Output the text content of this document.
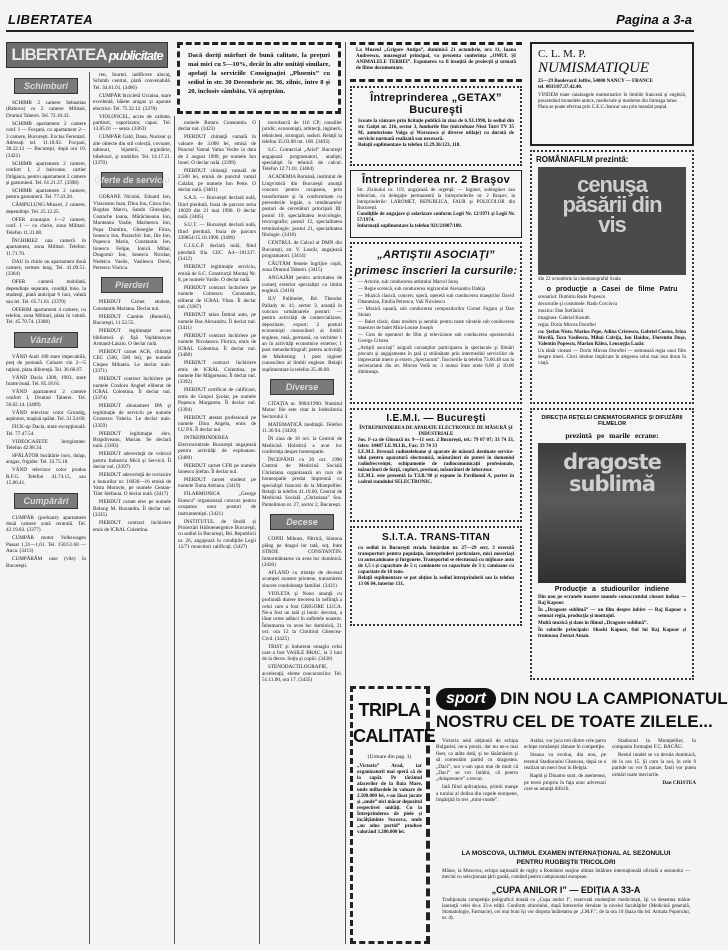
LIBERTATEA	Pagina a 3-a
LIBERTATEA publicitate
Schimburi

SCHIMB 2 camere Sebastian (Rahova) cu 2 camere Militari, Drumul Taberei. Tel. 72.10.43.

SCHIMB apartament 2 camere conf. I — Focşani, cu apartament 2—3 camere, Bucureşti. Exclus Ferentari. Adresaţi tel. 11.18.92. Focşani, 38.22.12 — Bucureşti, după ora 19. (3422)

SCHIMB apartament 2 camere, confort I, 2 balcoane, cartier Drăgaica, pentru apartament 2 camere şi garsonieră. Tel. 61.21.37. (3398)

SCHIMB apartament 2 camere, pentru garsonieră. Tel. 77.43.20.

CÂMPULUNG-Muscel, 2 camere, dependinţe. Tel. 25.12.25.

OFER avantajos 1—2 camere, conf. I — cu chirie, zona Militari. Telefon 11.31.08.

ÎNCHIRIEZ una cameră în apartament, zona Militari. Telefon: 11.71.70.

DAU în chirie un apartament două camere, termen lung. Tel. 41.09.51. (3364)

OFER cameră mobilată, dependinţe separate, condiţii bine, la studenţi, plată anticipat 6 luni, valută sau lei. Tel. 65.71.81. (3370)

OFERIM apartament 4 camere, cu telefon, zona Militari, plata în valută. Tel. 45.70.74. (3368)

Vânzări

VÂND Audi 100 stare impecabilă, preţ de pomană. Culoare vin 2—5 raţiuni, plata diferenţă. Tel. 36.66.07.

VÂND Dacia 1300, 1983, stare foarte bună. Tel. 85.18.61.

VÂND apartament 2 camere confort I, Drumul Taberei. Tel. 50.82.14. (3409)

VÂND televizor color Grundig, aspirator, maşină spălat. Tel. 31.54.60.

FICK-up Dacia, stare excepţională. Tel. 77.47.54.

VIDEOCASETE înregistrate. Telefon 42.88.34.

SPĂLĂTOR bucătărie inox, dulap, aragaz, frigider. Tel. 33.75.18.

VÂND televizor color produs R.F.G. Telefon 41.74.15, sau 15.80.41.

Cumpărări

CUMPĂR (preluare) apartament două camere zonă centrală. Tel. 42.19.83. (3377)

CUMPĂR motor Volkswagen Passat 1,31—1,61. Tel. 150/51.60 — Anca. (3413)

CUMPĂRĂM case (vile) în Bucureşti.

ren, Inurtel, iadificere alocuţ, Schimb central, plată convenabilă. Tel. 34.61.01. (3466)

CUMPĂR bicicletă Ucraina, stare excelentă, băiete aragaz şi aparate electrice. Tel. 75.32.12. (3378)

VIOLONCEL, acces de calitate, partituri, vaporizator, capac. Tel. 13.85.01 — seara. (3363)

CUMPĂR Gald, Dana, Nuclear şi alte obiecte din stil colecţii, covoare, tablouri, bijuterii, argintărie, bibelouri, şi mobilier. Tel. 14.17.21. (3370)

Oferte de serviciu

GORANE Nicolai, Eduard Ion, Vlasceanu Ioan, Dinu Ion, Ciucu Ion, Bogdan Marcu, Sandu Gheorghe, Costache Ioana, Mărăcineanu Ion, Munteanu Vasile, Marinescu Ion, Popa Dumitru, Gheorghe Flora, Ionescu Ion, Paraschiv Ion, Ilie Ion, Popescu Marin, Constantin Ion, Ionescu Felipe, Ionică Mihai, Dragomir Ion, Ionescu Nicolae, Nedelcu Vasile, Vasilescu Dorel, Petrescu Viorica.

Pierderi

PIERDUT Carnet student, Constantin Mariana. Declar nul.

PIERDUT Cambie (Remeili), Bucureşti, 11.52.55.

PIERDUT legitimaţie acces bibliotecă şi fişă Vajdahunyas Armand-Lászlo. O declar nulă.

PIERDUT carnet ACR, chitanţă CEC (500, 500 lei), pe numele Clopea Mihaela. Le declar nule. (3371)

PIERDUT contract închiriere pe numele Crudoru Anghel eliberat de ICRAL Colentina. Îl declar nul. (3374)

PIERDUT abonament IPA şi legitimaţie de serviciu pe numele Grozescu Valeria. Le declar nule. (3359)

PIERDUT legitimaţie elev, Brapdiveanu, Marian. Se declară nulă. (3393)

PIERDUT adeverinţă de vehicul pentru Industria Mică şi Servicii. Îl declar nul. (3397)

PIERDUT adeverinţă de rovizuire a bonurilor nr. 16830—16 emisă de Vatra Moravie, pe numele Cenian-Tiler Stefania. O declar nulă. (3417)

PIERDUT carnet elev pe numele Bolong M. Ruxandra. Îl declar nul. (3335)

PIERDUT contract închiriere emis de ICRAL Colentina.

Dacă doriţi mărfuri de bună calitate, la preţuri mai mici cu 5—10%, decât în alte unităţi similare, apelaţi la serviciile Consignaţiei „Phoenix” cu sediul în str. 30 Decembrie nr. 36, zilnic, între 8 şi 20, inclusiv sâmbăta. Vă aşteptăm.

numele Rotaru Constantin. O declar nul. (3423)

PIERDUT chitanţă vamală în valoare de 3.000 lei, emisă de Punctul Vamal Vama Veche la data de 2 august 1990, pe numele Ion Ionel. O declar nulă. (3399)

PIERDUT chitanţă vamală de 2.500 lei, emisă de punctul vamal Calafat, pe numele Ion Petre. O declar nulă. (3401)

S.A.S. — Bucureşti declară nulă, fiind pierdută, foaia de parcurs seria 16039 din 21 mai 1990. O declar nulă. (3405)

S.U.T. — Bucureşti declară nulă, fiind pierdută, foaia de parcurs 339854/15.10.1990. (3406)

C.I.S.C.P. declară nulă, fiind pierdută fila CEC A4—181337. (3412)

PIERDUT legitimaţie serviciu, emisă de S.C. Construcţii Montaj Nr. 8, pe numele Vasile. O declar nulă.

PIERDUT contract închiriere pe numele Cobrescu Constantin, eliberat de ICRAL Vitan. Îl declar nul. (3387)

PIERDUT talon Îmtinâ auto, pe numele Bas Alexandru. Îl declar nul. (3411)

PIERDUT contract închiriere pe numele Nicolaescu Florica, emis de ICRAL Colentina. Îl declar nul. (3408)

PIERDUT contract închiriere emis de ICRAL Colentina, pe numele Ilie Măgureanu. Îl declar nul. (3392)

PIERDUT certificat de calificare, emis de Grupul Şcolar, pe numele Popescu Margareta. Îl declar nul. (3394)

PIERDUT atestat profesional pe numele Dinu Angela, emis de I.U.P.S. Îl declar nul.

INTREPRINDEREA Electrocentrale Bucureşti angajează pentru activităţi de exploatare. (3400)

PIERDUT carnet CFR pe numele Ionescu Ştefan. Îl declar nul.

PIERDUT carnet student pe numele Toma Adriana. (3419)

FILARMONICA „George Enescu” organizează concurs pentru ocuparea unor posturi de instrumentişti. (3421)

INSTITUTUL de Studii şi Proiectări Hidroenergetice Bucureşti, cu sediul în Bucureşti, Bd. Republicii nr. 26, angajează în condiţiile Legii 12/71 muncitori calificaţi. (3427)

morobarcă de 116 CP; consilier juridic, economişti, arhitecţi, inginerii, tehnicieni, strungari, sudori. Relaţii la telefon 35.03.08 int. 168. (3403)

S.C. Comercial „Ariel” Bucureşti angajează programatori, analişti, specialişti în tehnică de calcul. Telefon 12.71.01. (3404)

ACADEMIA Română, institutul de Lingvistică din Bucureşti anunţă concurs pentru ocuparea, prin transformare şi în conformitate cu prevederile legale, a următoarelor posturi de cercetători principali III: postul 10, specialitatea lexicologie, lexicografie; postul 12, specialitatea terminologie; postul 21, specialitatea filologie. (3410)

CENTRUL de Calcul al DMN din Bucureşti, str. V. Lascăr, angajează programatori. (3414)

CĂUTĂM femeie îngrijire copil, zona Drumul Taberei. (3415)

ANGAJĂM pentru activitatea de comerţ exterior specialişti cu limba engleză. (3416)

ILV Pullmeier, Bd. Theodor Pallady nr. 41, sector 3, anunţă în concurs următoarele posturi: — pentru activităţi de comercializare, depozitare, export; 2 posturi economişti cunoscători ai limbii engleze, rusă, germană, cu vechime 1 an în activităţi economice externe; 1 post stenodactilograf; pentru activităţi de Marketing: 1 post inginer cunoscător al limbii engleze. Relaţii suplimentare la telefon 25.40.08.

Diverse

CITAŢIA nr. 9864/1990. Numitul Motoc Ilie este citat la Judecătoria Sectorului 3.

MATEMATICĂ meditaţii. Telefon 11.36.94. (3420)

ÎN ziua de 18 oct. la Centrul de Medicină Holistică a avut loc conferinţa despre homeopatie.

ÎNCEPÂND cu 20 oct. 1990 Centrul de Medicină Socială Christiana organizează un curs de homeopatie predat împreună cu specialişti francezi de la Montpellier. Relaţii la telefon 41.10.60, Centrul de Medicină Socială „Christiana” Sos. Pantelimon nr. 27, sector 2, Bucureşti.

Decese

COPIII Mihnea, Pătrică, Simona plâng pe dragul lor tată, soţ, frate STROE CONSTANTIN. Inmormântarea va avea loc duminică. (3430)

AFLAND cu tristeţe de decesul scumpei noastre prietene, transmitem sincere condoleanţe familiei. (3431)

VIOLETA şi Nono anunţă cu profundă durere trecerea în nefiinţă a celui care a fost GRIGORE LUCA. Ne-a fost un tată şi bunic devotat, a lăsat urme adânci în sufletele noastre. Înhumarea va avea loc duminică, 21 oct. ora 12 la Cimitirul Ghencea-Civil. (3425)

TRIST şi îndurerat omagiu celui care a fost VASILE BRAC, la 3 luni de la deces. Soţia şi copiii. (3436)

STENODACTILOGRAFIE, acceleraţii, eleme concursurilor. Tel. 51.11.00, ora 17. (3435)

La Muzeul „Grigore Antipa”, duminică 21 octombrie, ora 11, Ioana Andreescu, muzeograf principal, va prezenta conferinţa „OMUL ŞI ANIMALELE TERREI”. Expunerea va fi însoţită de proiecţii şi urmată de filme documentare.
Întreprinderea „GETAX” Bucureşti
Scoate la vânzare prin licitaţie publică în ziua de 6.XI.1990, la sediul din str. Gaiţei nr. 216, sector 3, fondurile fixe (microbuze Nissi Tatri TV 35 M, autoturisme Volga şi Warszawa şi diverse utilaje) cu durată de serviciu normată realizată sau necesară.
Relaţii suplimentare la telefon 11.29.36/123, 118.
Întreprinderea nr. 2 Braşov
Str. Zizinului nr. 119, angajează de urgenţă: — Inginer, subinginer sau tehnician, cu delegaţie permanentă la întreprinderile nr. 2 Braşov, la întreprinderile: LAROMET, REPUBLICA, FAUR şi POLICOLOR din Bucureşti.
Condiţiile de angajare şi salarizare conform Legii Nr. 12/1971 şi Legii Nr. 57/1974.
Informaţii suplimentare la telefon 921/21007/180.
„ARTIŞTII ASOCIAŢI”
primesc înscrieri la cursurile:

— Actorie, sub conducerea artistului Marcel Iureş

— Regie scenică, sub conducerea regizorului Alexandru Dabija

— Muzică clasică, concert, operă, operetă sub conducerea maeştrilor David Ohanesian, Emilia Petrescu, Vali Niculescu

— Muzică uşoară, sub conducerea compozitorilor Cornel Fugaru şi Dan Stoian

— Balet clasic, dans modern şi aerobic pentru toate vârstele sub conducerea maestrei de balet Mira-Louise Joseph

— Curs de operatori de film şi televiziune sub conducerea operatorului George Cristea

„Artiştii asociaţi” asigură cursanţilor participarea la spectacole şi filmări precum şi angajamente în ţară şi străinătate prin intermediul serviciilor de impresariat intern şi extern „Spectacom”. Înscrierile la telefon 73.60.40 sau la secretariatul din str. Mircea Vodă nr. 3 numai între orele 8.00 şi 10.00 dimineaţa.

I.E.M.I. — Bucureşti
ÎNTREPRINDEREA DE APARATE ELECTRONICE DE MĂSURĂ ŞI INDUSTRIALE
Sos. F-ca de Glucoză nr. 9—11 sect. 2 Bucureşti, tel.: 79 07 07; 33 74 33, telex: 10487 I.E.M.I.B., Fax: 33 74 33
I.E.M.I. livrează radiotelefoane şi aparate de măsură destinate service-ului pentru aparatură electronică, măsurători de puteri în domeniul radiofrecvenţei, echipamente de radiocomunicaţii profesionale, măsurători de forţă, cuplori, presiuni, măsurători de laborator.
I.E.M.I. este prezentă la T.I.B.'90 şi expune în Pavilionul A, parter în cadrul standului SELECTRONIC.
S.I.T.A. TRANS-TITAN
cu sediul în Bucureşti strada Smârdan nr. 27—29 sect. 3 execută transporturi pentru populaţie, întreprinderi particulare, mici meseriaşi cu autocamioane şi furgonete. Transportul se efectuează cu mijloace auto de 1,5 t şi capacitate de 5 t; camionete cu capacitate de 3 t; camioane cu capacitate de 10 tone.
Relaţii suplimentare se pot obţine la sediul întreprinderii sau la telefon 13 06 84, interior 131.
C. L. M. P.
NUMISMATIQUE
25—29 Boulevard Joffre, 54000 NANCY — FRANCE
tel. 0033/87.37.42.40.
VINDEM toate cataloagele numismatice în limbile franceză şi engleză, prezentând monedele antice, medievale şi moderne din întreaga lume.
Plata se poate efectua prin C.E.C./bancar sau prin mandat poştal.
ROMÂNIAFILM prezintă:
cenuşa păsării din vis
din 22 octombrie la cinematograful Scala
o producţie a Casei de filme Patru

scenariul: Dumitru Radu Popescu

decorurile şi costumele: Radu Corciova

muzica: Dan Stefănică

imaginea: Gabriel Kosuth

regia: Dorin Mircea Doroftei

cu: Ştefan Niste, Marius Pepe, Adina Cristescu, Gabriel Costea, Irina Movilă, Tora Vasilescu, Mihai Cafrija, Ion Haiduc, Florentin Duşe, Valentin Popescu, Marian Râlea, Leucoşţia Lazăr.

Un tânăr cineast — Dorin Mircea Doroftei — semnează regia unui film despre tineri. Cinci destine implicate în alegerea celui mai bun drum în viaţă.

DIRECŢIA REŢELEI CINEMATOGRAFICE ŞI DIFUZĂRII FILMELOR
prezintă pe marile ecrane:
dragoste sublimă
Producţie a studiourilor indiene

Din nou pe ecranele noastre numele consacratului cineast indian — Raj Kapoor.

În „Dragoste sublimă” — un film despre iubire — Raj Kapoor a semnat regia, producţia şi montajul.

Multă muzică şi dans în filmul „Dragoste sublimă”.

În rolurile principale: Shashi Kapoor, fiul lui Raj Kapoor şi frumoasa Zeenat Aman.

TRIPLA
CALITATE
(Urmare din pag. 1)
„Victoria” Arad, iar organizatorii mai speră că de la capăt. Pe tărâmul afacerilor de la Baia Mare, unde miliardele în valoare de 2.500.000 lei, s-au lăsat jucate şi „unde” nici măcar depozitul respectivei unităţi. Cu la Întreprinderea de piele şi încălţăminte Suceava, unde „au adus partid” produse valorând 3.200.000 lei.
sport DIN NOU LA CAMPIONATUL
NOSTRU CEL DE TOATE ZILELE...

Victoria netă obţinută de echipa Bulgariei, ne-a prezis, dar nu ne-a mai fiset, ca atâta dată, şi ne lăsămăsim şi să comentăm partid cu dragostea. „Daci”, noi v-am spus mai de mult că „Daci” se vor întâlni, că pentru „doisprezece” a trecut.

Iată fiind aplicaţiona, primii manşe a turului al doilea din cupele europene, împărţită în trei „mini-runde”.

Astăzi, vor juca trei dintre cele patru echipe româneşti rămase în competiţie.

Steaua va evolua, din nou, pe terenul Stadionului Ghencea, după ce a realizat un meci bun în Belgia.

Rapid şi Dinamo sunt, de asemenea, pe teren propriu în faţa unor adversari care se anunţă dificili.

Stadionul la Montpellier, în compania formaţiei F.C. BACĂU.

Restul rundei se va derula duminică, de la ora 15. Şi cum la noi, în cele 9 partide nu vor fi pauze, fanii vor putea urmări toate meciurile.

Dan CRISTEA

LA MOSCOVA, ULTIMUL EXAMEN INTERNAŢIONAL AL SEZONULUI
PENTRU RUGBIŞTII TRICOLORI
Mâine, la Moscova, echipa naţională de rugby a României susţine ultima întâlnire internaţională oficială a sezonului — meciul cu selecţionata ţării gazdă, contând pentru campionatul european.
„CUPA ANILOR I” — EDIŢIA A 33-A
Tradiţionala competiţie poligrafică dotată cu „Cupa anilor I”, rezervată studenţilor medicinişti, îşi va desemna mâine laureaţii celei de-a 33-a ediţii. Conform obiceiului, după întrecerile derulate la nivelul facultăţilor (Medicină generală, Stomatologie, Farmacie), cei mai buni îşi vor disputa întâietatea pe „I.M.F.”, de la ora 10 (baza din bd. Armata Poporului, nr. 4).
